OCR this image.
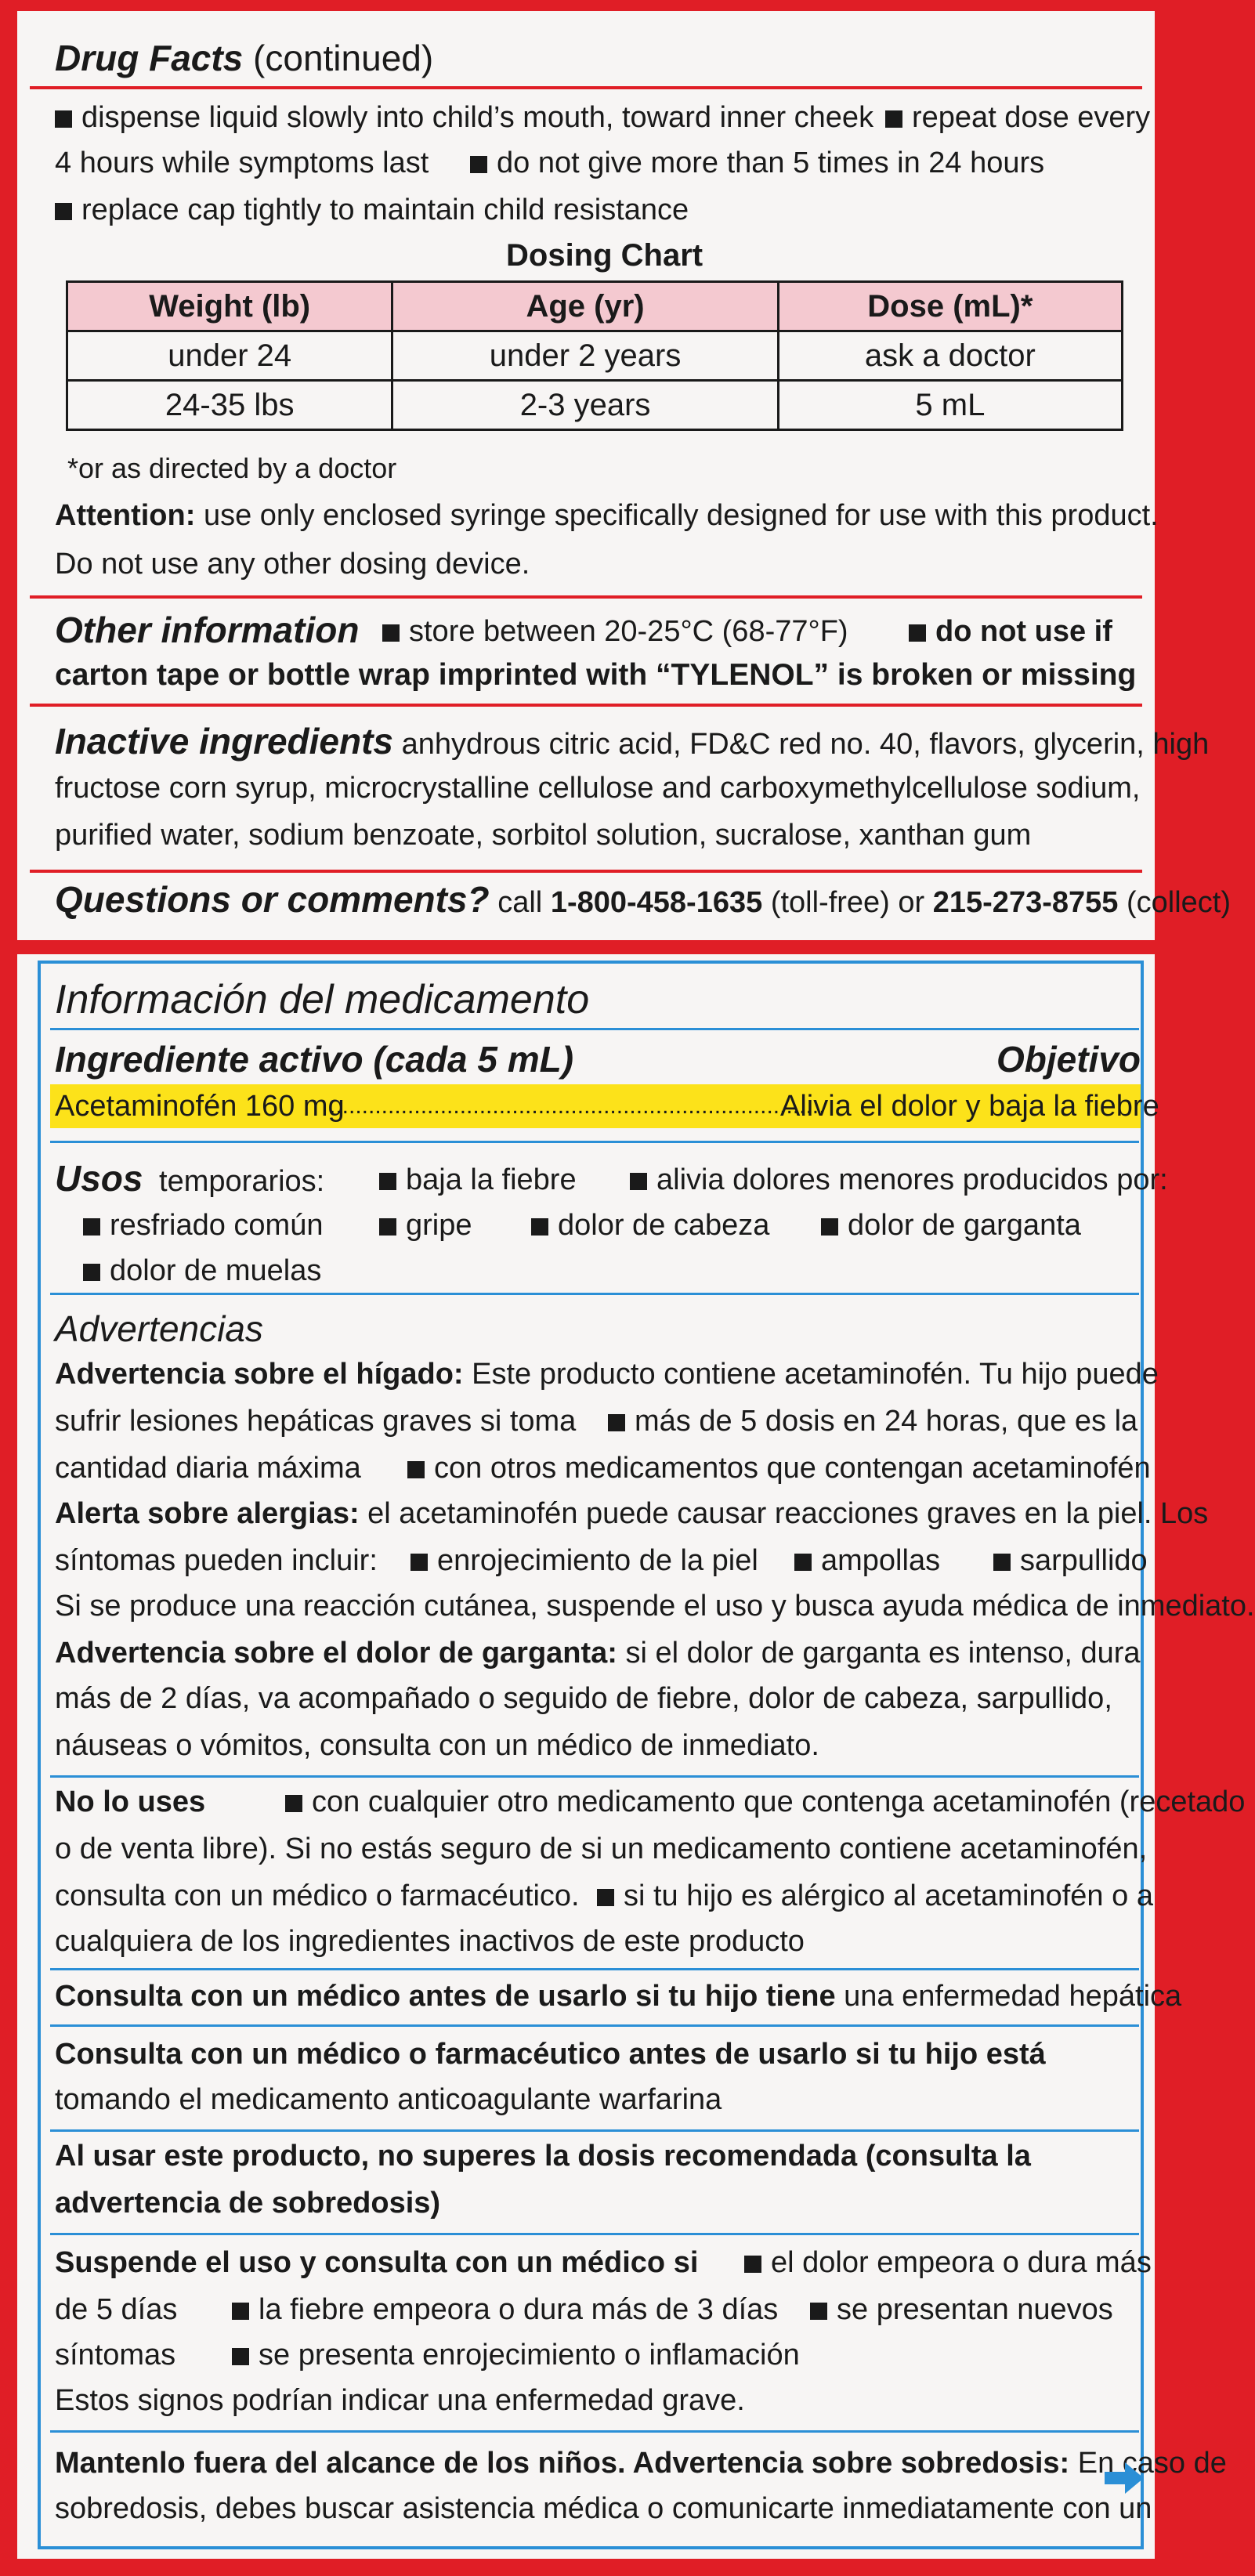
Drug Facts (continued)
dispense liquid slowly into child’s mouth, toward inner cheek	repeat dose every
4 hours while symptoms last	do not give more than 5 times in 24 hours
replace cap tightly to maintain child resistance
Dosing Chart
Weight (lb)	Age (yr)	Dose (mL)*
under 24	under 2 years	ask a doctor
24-35 lbs	2-3 years	5 mL
*or as directed by a doctor
Attention: use only enclosed syringe specifically designed for use with this product.
Do not use any other dosing device.
Other information	store between 20-25°C (68-77°F)	do not use if
carton tape or bottle wrap imprinted with “TYLENOL” is broken or missing
Inactive ingredients anhydrous citric acid, FD&C red no. 40, flavors, glycerin, high
fructose corn syrup, microcrystalline cellulose and carboxymethylcellulose sodium,
purified water, sodium benzoate, sorbitol solution, sucralose, xanthan gum
Questions or comments? call 1-800-458-1635 (toll-free) or 215-273-8755 (collect)
Información del medicamento
Ingrediente activo (cada 5 mL)	Objetivo
Acetaminofén 160 mg
............................................................................
Alivia el dolor y baja la fiebre
Usos temporarios:	baja la fiebre	alivia dolores menores producidos por:
resfriado común	gripe	dolor de cabeza	dolor de garganta
dolor de muelas
Advertencias
Advertencia sobre el hígado: Este producto contiene acetaminofén. Tu hijo puede
sufrir lesiones hepáticas graves si toma	más de 5 dosis en 24 horas, que es la
cantidad diaria máxima	con otros medicamentos que contengan acetaminofén
Alerta sobre alergias: el acetaminofén puede causar reacciones graves en la piel. Los
síntomas pueden incluir:	enrojecimiento de la piel	ampollas	sarpullido
Si se produce una reacción cutánea, suspende el uso y busca ayuda médica de inmediato.
Advertencia sobre el dolor de garganta: si el dolor de garganta es intenso, dura
más de 2 días, va acompañado o seguido de fiebre, dolor de cabeza, sarpullido,
náuseas o vómitos, consulta con un médico de inmediato.
No lo uses	con cualquier otro medicamento que contenga acetaminofén (recetado
o de venta libre). Si no estás seguro de si un medicamento contiene acetaminofén,
consulta con un médico o farmacéutico.	si tu hijo es alérgico al acetaminofén o a
cualquiera de los ingredientes inactivos de este producto
Consulta con un médico antes de usarlo si tu hijo tiene una enfermedad hepática
Consulta con un médico o farmacéutico antes de usarlo si tu hijo está
tomando el medicamento anticoagulante warfarina
Al usar este producto, no superes la dosis recomendada (consulta la
advertencia de sobredosis)
Suspende el uso y consulta con un médico si	el dolor empeora o dura más
de 5 días	la fiebre empeora o dura más de 3 días	se presentan nuevos
síntomas	se presenta enrojecimiento o inflamación
Estos signos podrían indicar una enfermedad grave.
Mantenlo fuera del alcance de los niños. Advertencia sobre sobredosis: En caso de
sobredosis, debes buscar asistencia médica o comunicarte inmediatamente con un
